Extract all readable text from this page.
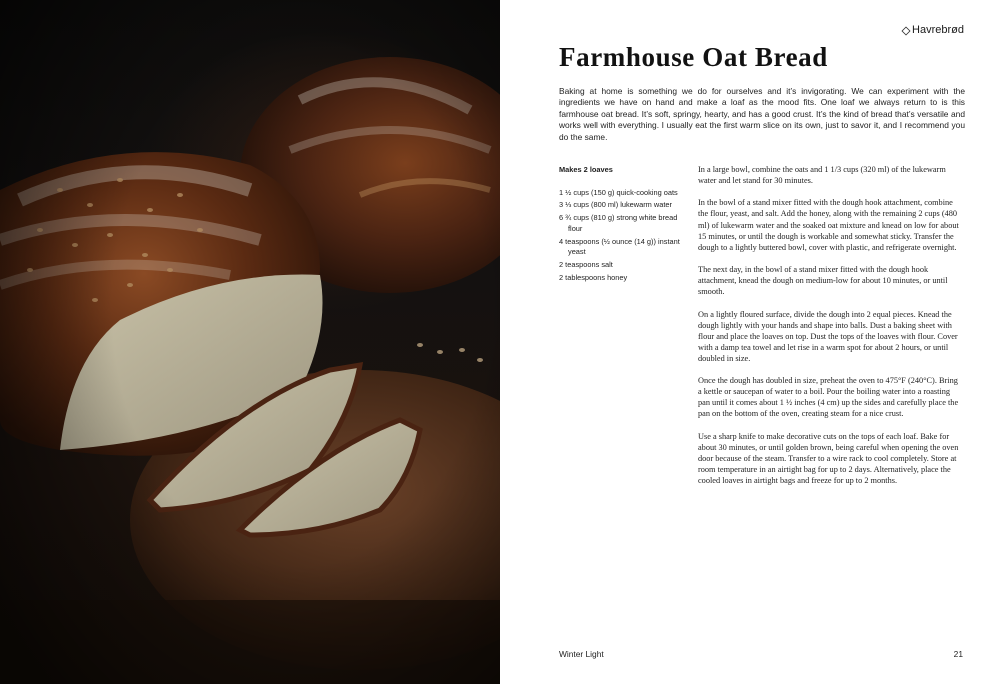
Havrebrød
Farmhouse Oat Bread

Baking at home is something we do for ourselves and it’s invigorating. We can experiment with the ingredients we have on hand and make a loaf as the mood fits. One loaf we always return to is this farmhouse oat bread. It’s soft, springy, hearty, and has a good crust. It’s the kind of bread that’s versatile and works well with everything. I usually eat the first warm slice on its own, just to savor it, and I recommend you do the same.

Makes 2 loaves
1 ½ cups (150 g) quick-cooking oats
3 ⅓ cups (800 ml) lukewarm water
6 ¾ cups (810 g) strong white bread flour
4 teaspoons (½ ounce (14 g)) instant yeast
2 teaspoons salt
2 tablespoons honey

In a large bowl, combine the oats and 1 1/3 cups (320 ml) of the lukewarm water and let stand for 30 minutes.

In the bowl of a stand mixer fitted with the dough hook attachment, combine the flour, yeast, and salt. Add the honey, along with the remaining 2 cups (480 ml) of lukewarm water and the soaked oat mixture and knead on low for about 15 minutes, or until the dough is workable and somewhat sticky. Transfer the dough to a lightly buttered bowl, cover with plastic, and refrigerate overnight.

The next day, in the bowl of a stand mixer fitted with the dough hook attachment, knead the dough on medium-low for about 10 minutes, or until smooth.

On a lightly floured surface, divide the dough into 2 equal pieces. Knead the dough lightly with your hands and shape into balls. Dust a baking sheet with flour and place the loaves on top. Dust the tops of the loaves with flour. Cover with a damp tea towel and let rise in a warm spot for about 2 hours, or until doubled in size.

Once the dough has doubled in size, preheat the oven to 475°F (240°C). Bring a kettle or saucepan of water to a boil. Pour the boiling water into a roasting pan until it comes about 1 ½ inches (4 cm) up the sides and carefully place the pan on the bottom of the oven, creating steam for a nice crust.

Use a sharp knife to make decorative cuts on the tops of each loaf. Bake for about 30 minutes, or until golden brown, being careful when opening the oven door because of the steam. Transfer to a wire rack to cool completely. Store at room temperature in an airtight bag for up to 2 days. Alternatively, place the cooled loaves in airtight bags and freeze for up to 2 months.

Winter Light	21
